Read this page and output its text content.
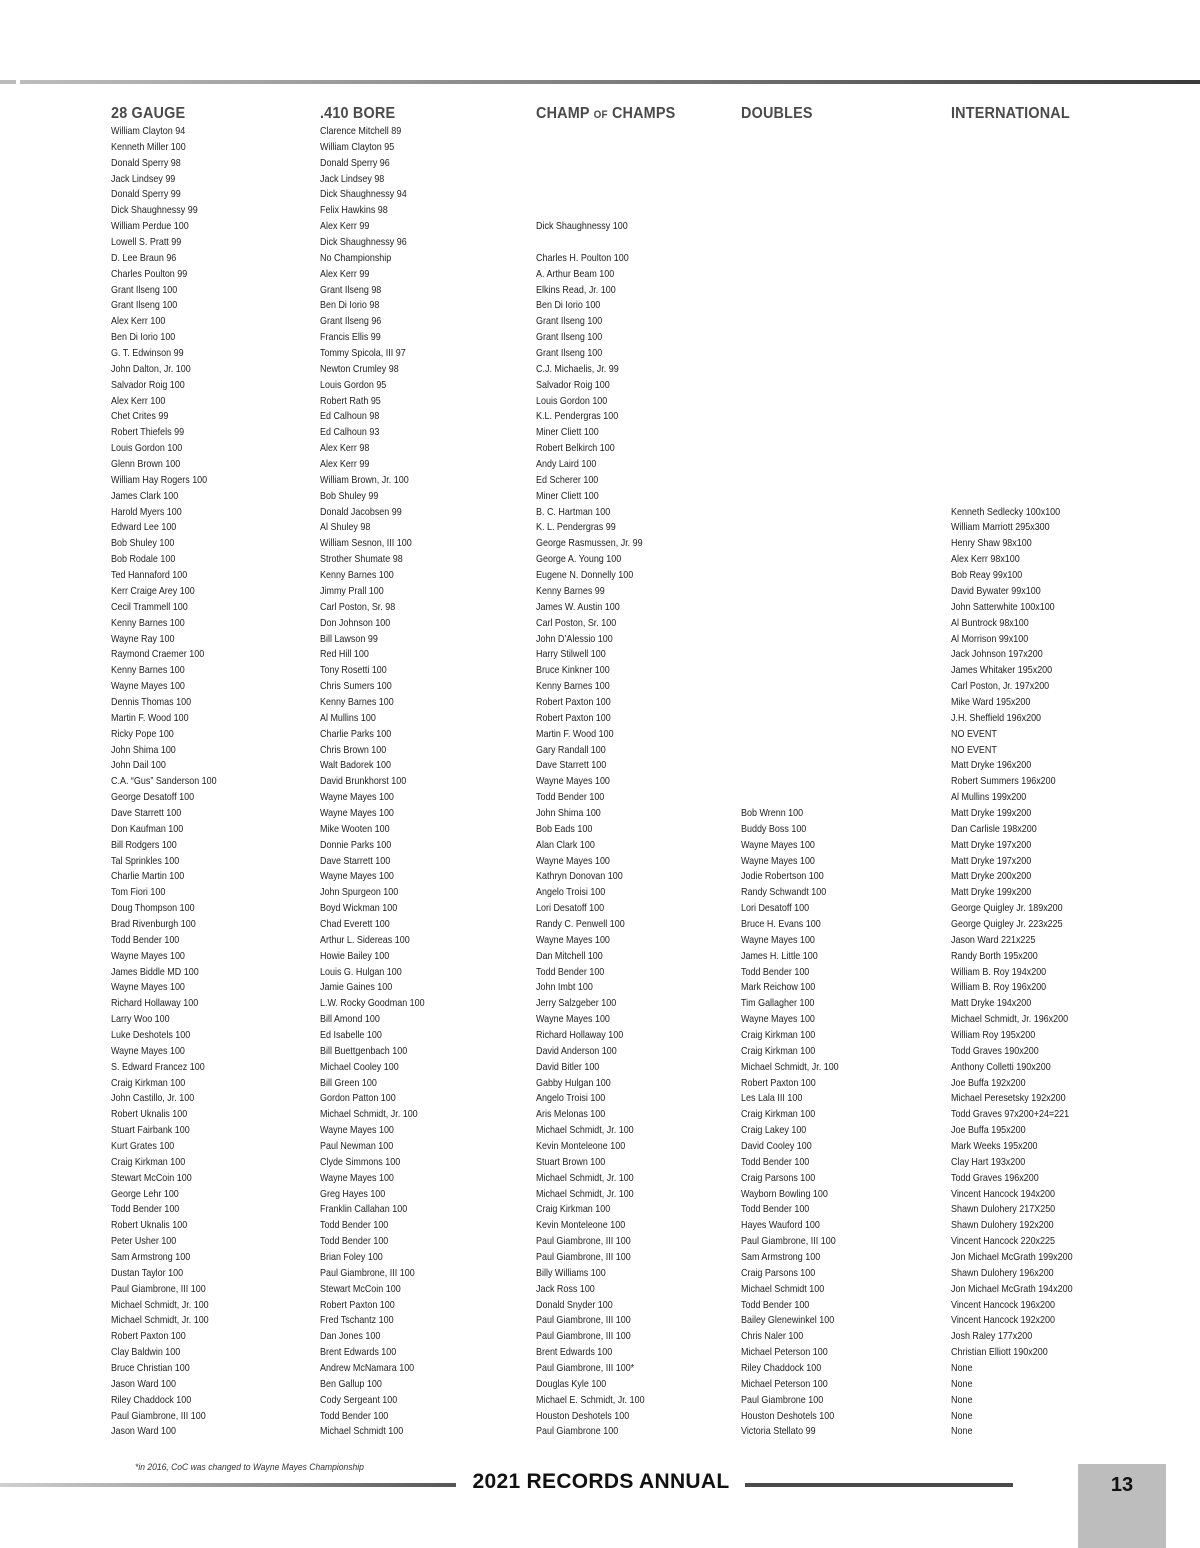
28 GAUGE
William Clayton 94
Kenneth Miller 100
Donald Sperry 98
Jack Lindsey 99
Donald Sperry 99
Dick Shaughnessy 99
William Perdue 100
Lowell S. Pratt 99
D. Lee Braun 96
Charles Poulton 99
Grant Ilseng 100
Grant Ilseng 100
Alex Kerr 100
Ben Di Iorio 100
G. T. Edwinson 99
John Dalton, Jr. 100
Salvador Roig 100
Alex Kerr 100
Chet Crites 99
Robert Thiefels 99
Louis Gordon 100
Glenn Brown 100
William Hay Rogers 100
James Clark 100
Harold Myers 100
Edward Lee 100
Bob Shuley 100
Bob Rodale 100
Ted Hannaford 100
Kerr Craige Arey 100
Cecil Trammell 100
Kenny Barnes 100
Wayne Ray 100
Raymond Craemer 100
Kenny Barnes 100
Wayne Mayes 100
Dennis Thomas 100
Martin F. Wood 100
Ricky Pope 100
John Shima 100
John Dail 100
C.A. “Gus” Sanderson 100
George Desatoff 100
Dave Starrett 100
Don Kaufman 100
Bill Rodgers 100
Tal Sprinkles 100
Charlie Martin 100
Tom Fiori 100
Doug Thompson 100
Brad Rivenburgh 100
Todd Bender 100
Wayne Mayes 100
James Biddle MD 100
Wayne Mayes 100
Richard Hollaway 100
Larry Woo 100
Luke Deshotels 100
Wayne Mayes 100
S. Edward Francez 100
Craig Kirkman 100
John Castillo, Jr. 100
Robert Uknalis 100
Stuart Fairbank 100
Kurt Grates 100
Craig Kirkman 100
Stewart McCoin 100
George Lehr 100
Todd Bender 100
Robert Uknalis 100
Peter Usher 100
Sam Armstrong 100
Dustan Taylor 100
Paul Giambrone, III 100
Michael Schmidt, Jr. 100
Michael Schmidt, Jr. 100
Robert Paxton 100
Clay Baldwin 100
Bruce Christian 100
Jason Ward 100
Riley Chaddock 100
Paul Giambrone, III 100
Jason Ward 100
.410 BORE
Clarence Mitchell 89
William Clayton 95
Donald Sperry 96
Jack Lindsey 98
Dick Shaughnessy 94
Felix Hawkins 98
Alex Kerr 99
Dick Shaughnessy 96
No Championship
Alex Kerr 99
Grant Ilseng 98
Ben Di Iorio 98
Grant Ilseng 96
Francis Ellis 99
Tommy Spicola, III 97
Newton Crumley 98
Louis Gordon 95
Robert Rath 95
Ed Calhoun 98
Ed Calhoun 93
Alex Kerr 98
Alex Kerr 99
William Brown, Jr. 100
Bob Shuley 99
Donald Jacobsen 99
Al Shuley 98
William Sesnon, III 100
Strother Shumate 98
Kenny Barnes 100
Jimmy Prall 100
Carl Poston, Sr. 98
Don Johnson 100
Bill Lawson 99
Red Hill 100
Tony Rosetti 100
Chris Sumers 100
Kenny Barnes 100
Al Mullins 100
Charlie Parks 100
Chris Brown 100
Walt Badorek 100
David Brunkhorst 100
Wayne Mayes 100
Wayne Mayes 100
Mike Wooten 100
Donnie Parks 100
Dave Starrett 100
Wayne Mayes 100
John Spurgeon 100
Boyd Wickman 100
Chad Everett 100
Arthur L. Sidereas 100
Howie Bailey 100
Louis G. Hulgan 100
Jamie Gaines 100
L.W. Rocky Goodman 100
Bill Amond 100
Ed Isabelle 100
Bill Buettgenbach 100
Michael Cooley 100
Bill Green 100
Gordon Patton 100
Michael Schmidt, Jr. 100
Wayne Mayes 100
Paul Newman 100
Clyde Simmons 100
Wayne Mayes 100
Greg Hayes 100
Franklin Callahan 100
Todd Bender 100
Todd Bender 100
Brian Foley 100
Paul Giambrone, III 100
Stewart McCoin 100
Robert Paxton 100
Fred Tschantz 100
Dan Jones 100
Brent Edwards 100
Andrew McNamara 100
Ben Gallup 100
Cody Sergeant 100
Todd Bender 100
Michael Schmidt 100
CHAMP OF CHAMPS
Dick Shaughnessy 100
Charles H. Poulton 100
A. Arthur Beam 100
Elkins Read, Jr. 100
Ben Di Iorio 100
Grant Ilseng 100
Grant Ilseng 100
Grant Ilseng 100
C.J. Michaelis, Jr. 99
Salvador Roig 100
Louis Gordon 100
K.L. Pendergras 100
Miner Cliett 100
Robert Belkirch 100
Andy Laird 100
Ed Scherer 100
Miner Cliett 100
B. C. Hartman 100
K. L. Pendergras 99
George Rasmussen, Jr. 99
George A. Young 100
Eugene N. Donnelly 100
Kenny Barnes 99
James W. Austin 100
Carl Poston, Sr. 100
John D’Alessio 100
Harry Stilwell 100
Bruce Kinkner 100
Kenny Barnes 100
Robert Paxton 100
Robert Paxton 100
Martin F. Wood 100
Gary Randall 100
Dave Starrett 100
Wayne Mayes 100
Todd Bender 100
John Shima 100
Bob Eads 100
Alan Clark 100
Wayne Mayes 100
Kathryn Donovan 100
Angelo Troisi 100
Lori Desatoff 100
Randy C. Penwell 100
Wayne Mayes 100
Dan Mitchell 100
Todd Bender 100
John Imbt 100
Jerry Salzgeber 100
Wayne Mayes 100
Richard Hollaway 100
David Anderson 100
David Bitler 100
Gabby Hulgan 100
Angelo Troisi 100
Aris Melonas 100
Michael Schmidt, Jr. 100
Kevin Monteleone 100
Stuart Brown 100
Michael Schmidt, Jr. 100
Michael Schmidt, Jr. 100
Craig Kirkman 100
Kevin Monteleone 100
Paul Giambrone, III 100
Paul Giambrone, III 100
Billy Williams 100
Jack Ross 100
Donald Snyder 100
Paul Giambrone, III 100
Paul Giambrone, III 100
Brent Edwards 100
Paul Giambrone, III 100*
Douglas Kyle 100
Michael E. Schmidt, Jr. 100
Houston Deshotels 100
Paul Giambrone 100
DOUBLES
Bob Wrenn 100
Buddy Boss 100
Wayne Mayes 100
Wayne Mayes 100
Jodie Robertson 100
Randy Schwandt 100
Lori Desatoff 100
Bruce H. Evans 100
Wayne Mayes 100
James H. Little 100
Todd Bender 100
Mark Reichow 100
Tim Gallagher 100
Wayne Mayes 100
Craig Kirkman 100
Craig Kirkman 100
Michael Schmidt, Jr. 100
Robert Paxton 100
Les Lala III 100
Craig Kirkman 100
Craig Lakey 100
David Cooley 100
Todd Bender 100
Craig Parsons 100
Wayborn Bowling 100
Todd Bender 100
Hayes Wauford 100
Paul Giambrone, III 100
Sam Armstrong 100
Craig Parsons 100
Michael Schmidt 100
Todd Bender 100
Bailey Glenewinkel 100
Chris Naler 100
Michael Peterson 100
Riley Chaddock 100
Michael Peterson 100
Paul Giambrone 100
Houston Deshotels 100
Victoria Stellato 99
INTERNATIONAL
Kenneth Sedlecky 100x100
William Marriott 295x300
Henry Shaw 98x100
Alex Kerr 98x100
Bob Reay 99x100
David Bywater 99x100
John Satterwhite 100x100
Al Buntrock 98x100
Al Morrison 99x100
Jack Johnson 197x200
James Whitaker 195x200
Carl Poston, Jr. 197x200
Mike Ward 195x200
J.H. Sheffield 196x200
NO EVENT
NO EVENT
Matt Dryke 196x200
Robert Summers 196x200
Al Mullins 199x200
Matt Dryke 199x200
Dan Carlisle 198x200
Matt Dryke 197x200
Matt Dryke 197x200
Matt Dryke 200x200
Matt Dryke 199x200
George Quigley Jr. 189x200
George Quigley Jr. 223x225
Jason Ward 221x225
Randy Borth 195x200
William B. Roy 194x200
William B. Roy 196x200
Matt Dryke 194x200
Michael Schmidt, Jr. 196x200
William Roy 195x200
Todd Graves 190x200
Anthony Colletti 190x200
Joe Buffa 192x200
Michael Peresetsky 192x200
Todd Graves 97x200+24=221
Joe Buffa 195x200
Mark Weeks 195x200
Clay Hart 193x200
Todd Graves 196x200
Vincent Hancock 194x200
Shawn Dulohery 217X250
Shawn Dulohery 192x200
Vincent Hancock 220x225
Jon Michael McGrath 199x200
Shawn Dulohery 196x200
Jon Michael McGrath 194x200
Vincent Hancock 196x200
Vincent Hancock 192x200
Josh Raley 177x200
Christian Elliott 190x200
None
None
None
None
None
*in 2016, CoC was changed to Wayne Mayes Championship
2021 RECORDS ANNUAL	13
